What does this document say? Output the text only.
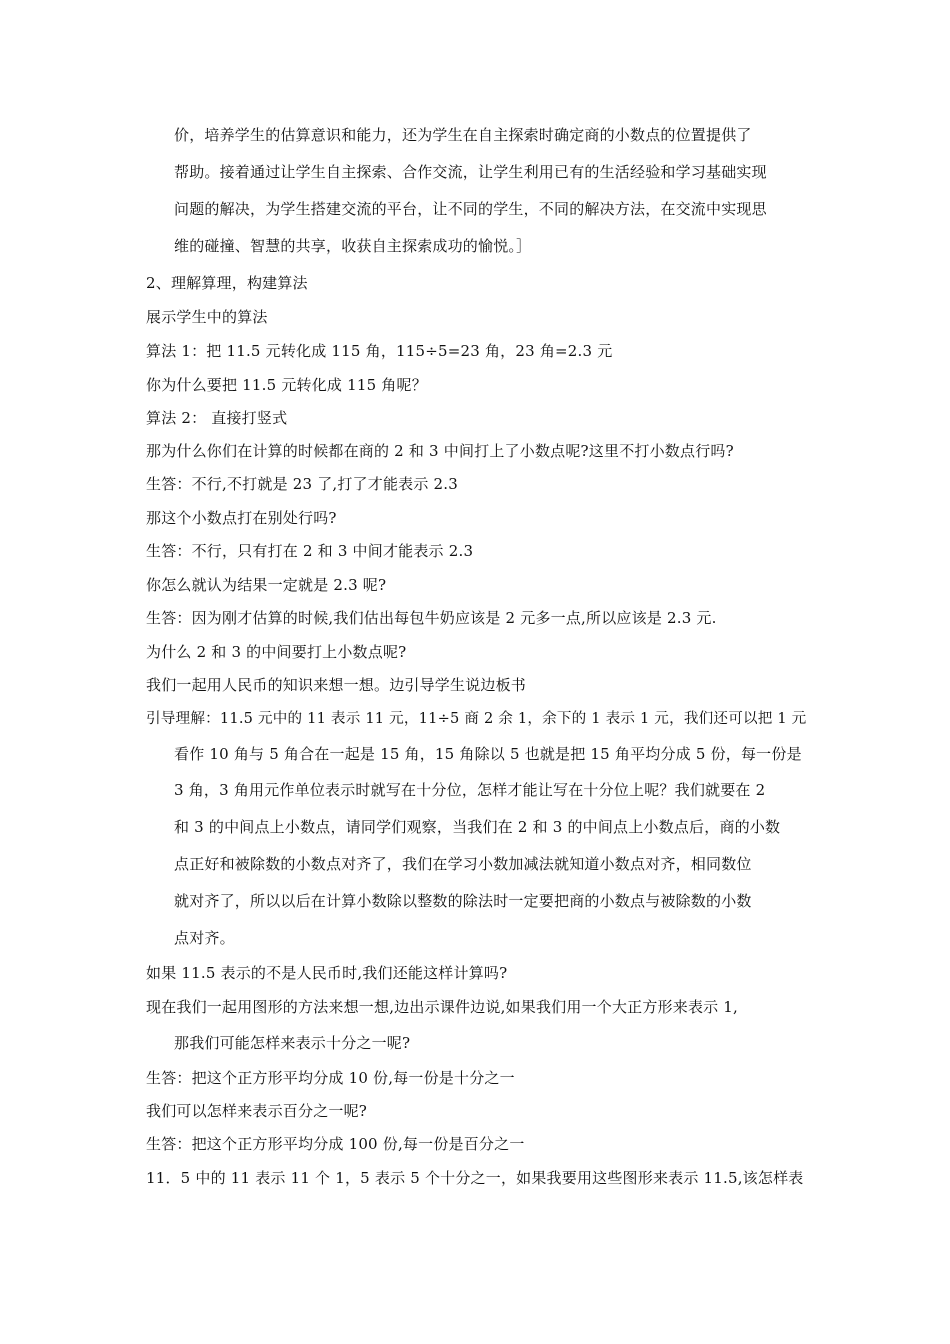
价，培养学生的估算意识和能力，还为学生在自主探索时确定商的小数点的位置提供了
帮助。接着通过让学生自主探索、合作交流，让学生利用已有的生活经验和学习基础实现
问题的解决，为学生搭建交流的平台，让不同的学生，不同的解决方法，在交流中实现思
维的碰撞、智慧的共享，收获自主探索成功的愉悦。］
2、理解算理，构建算法
展示学生中的算法
算法 1：把 11.5 元转化成 115 角，115÷5=23 角，23 角=2.3 元
你为什么要把 11.5 元转化成 115 角呢？
算法 2： 直接打竖式
那为什么你们在计算的时候都在商的 2 和 3 中间打上了小数点呢?这里不打小数点行吗?
生答：不行,不打就是 23 了,打了才能表示 2.3
那这个小数点打在别处行吗?
生答：不行，只有打在 2 和 3 中间才能表示 2.3
你怎么就认为结果一定就是 2.3 呢?
生答：因为刚才估算的时候,我们估出每包牛奶应该是 2 元多一点,所以应该是 2.3 元.
为什么 2 和 3 的中间要打上小数点呢?
我们一起用人民币的知识来想一想。边引导学生说边板书
引导理解：11.5 元中的 11 表示 11 元，11÷5 商 2 余 1，余下的 1 表示 1 元，我们还可以把 1 元
看作 10 角与 5 角合在一起是 15 角，15 角除以 5 也就是把 15 角平均分成 5 份，每一份是
3 角，3 角用元作单位表示时就写在十分位，怎样才能让写在十分位上呢？我们就要在 2
和 3 的中间点上小数点，请同学们观察，当我们在 2 和 3 的中间点上小数点后，商的小数
点正好和被除数的小数点对齐了，我们在学习小数加减法就知道小数点对齐，相同数位
就对齐了，所以以后在计算小数除以整数的除法时一定要把商的小数点与被除数的小数
点对齐。
如果 11.5 表示的不是人民币时,我们还能这样计算吗?
现在我们一起用图形的方法来想一想,边出示课件边说,如果我们用一个大正方形来表示 1,
那我们可能怎样来表示十分之一呢?
生答：把这个正方形平均分成 10 份,每一份是十分之一
我们可以怎样来表示百分之一呢?
生答：把这个正方形平均分成 100 份,每一份是百分之一
11．5 中的 11 表示 11 个 1，5 表示 5 个十分之一，如果我要用这些图形来表示 11.5,该怎样表
